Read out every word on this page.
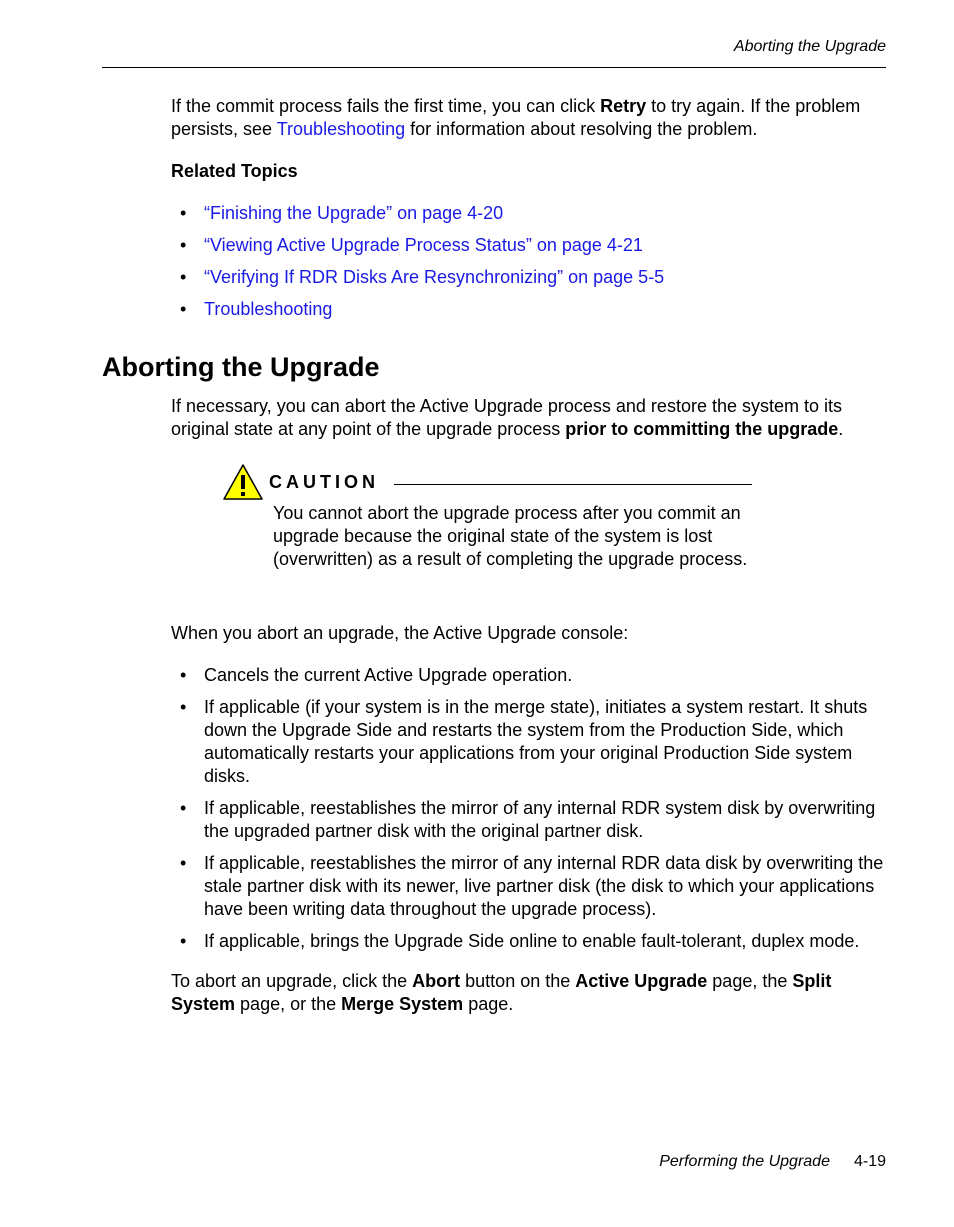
Aborting the Upgrade

If the commit process fails the first time, you can click Retry to try again. If the problem persists, see Troubleshooting for information about resolving the problem.

Related Topics
• “Finishing the Upgrade” on page 4-20
• “Viewing Active Upgrade Process Status” on page 4-21
• “Verifying If RDR Disks Are Resynchronizing” on page 5-5
• Troubleshooting
Aborting the Upgrade

If necessary, you can abort the Active Upgrade process and restore the system to its original state at any point of the upgrade process prior to committing the upgrade.

CAUTION

You cannot abort the upgrade process after you commit an upgrade because the original state of the system is lost (overwritten) as a result of completing the upgrade process.

When you abort an upgrade, the Active Upgrade console:

• Cancels the current Active Upgrade operation.
• If applicable (if your system is in the merge state), initiates a system restart. It shuts down the Upgrade Side and restarts the system from the Production Side, which automatically restarts your applications from your original Production Side system disks.
• If applicable, reestablishes the mirror of any internal RDR system disk by overwriting the upgraded partner disk with the original partner disk.
• If applicable, reestablishes the mirror of any internal RDR data disk by overwriting the stale partner disk with its newer, live partner disk (the disk to which your applications have been writing data throughout the upgrade process).
• If applicable, brings the Upgrade Side online to enable fault-tolerant, duplex mode.

To abort an upgrade, click the Abort button on the Active Upgrade page, the Split System page, or the Merge System page.

Performing the Upgrade 4-19
